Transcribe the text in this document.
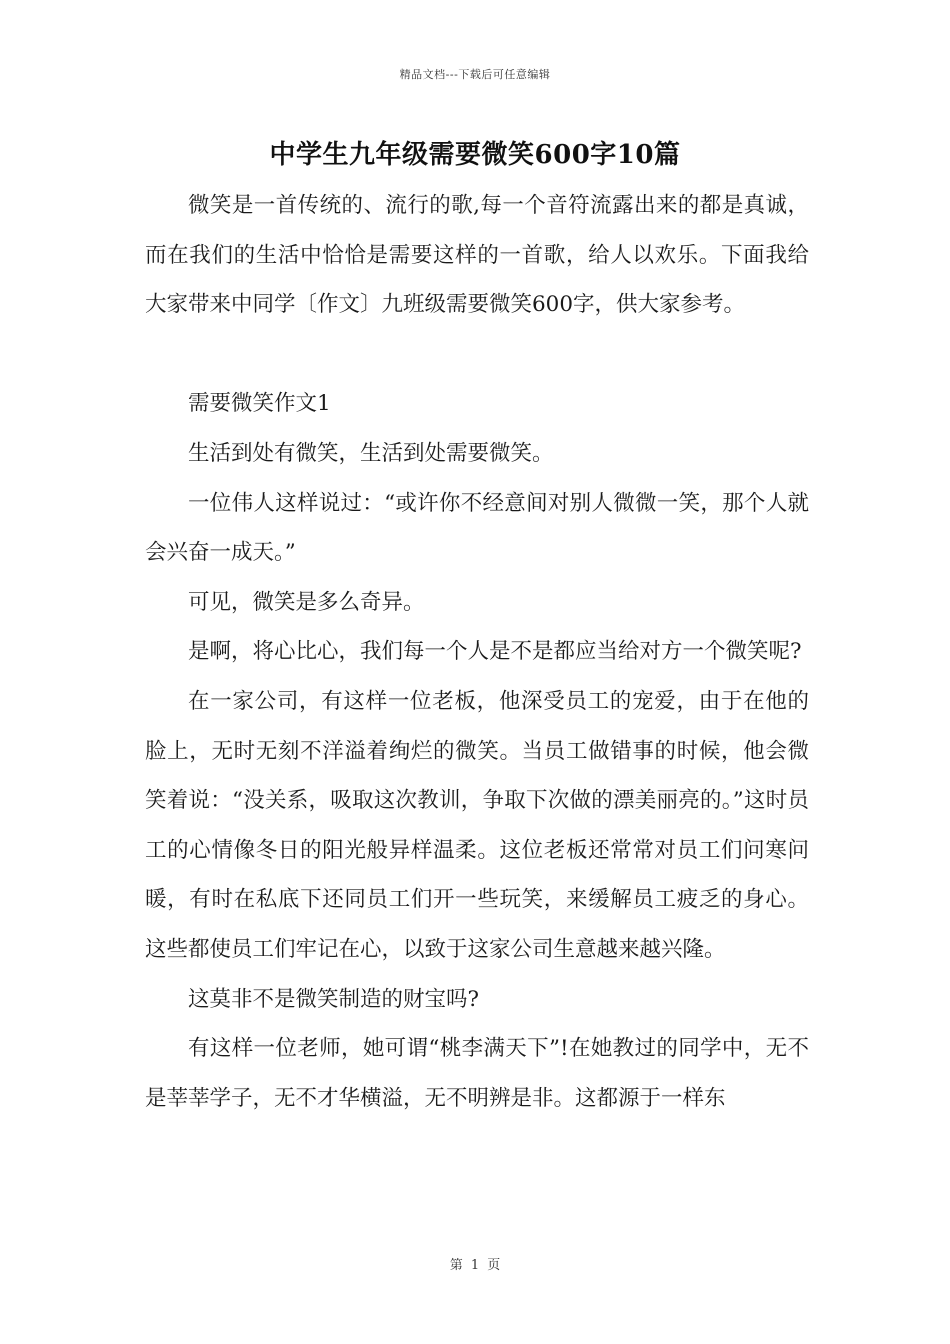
精品文档---下载后可任意编辑
中学生九年级需要微笑600字10篇

微笑是一首传统的、流行的歌,每一个音符流露出来的都是真诚，而在我们的生活中恰恰是需要这样的一首歌，给人以欢乐。下面我给大家带来中同学〔作文〕九班级需要微笑600字，供大家参考。

需要微笑作文1

生活到处有微笑，生活到处需要微笑。

一位伟人这样说过：“或许你不经意间对别人微微一笑，那个人就会兴奋一成天。”

可见，微笑是多么奇异。

是啊，将心比心，我们每一个人是不是都应当给对方一个微笑呢?

在一家公司，有这样一位老板，他深受员工的宠爱，由于在他的脸上，无时无刻不洋溢着绚烂的微笑。当员工做错事的时候，他会微笑着说：“没关系，吸取这次教训，争取下次做的漂美丽亮的。”这时员工的心情像冬日的阳光般异样温柔。这位老板还常常对员工们问寒问暖，有时在私底下还同员工们开一些玩笑，来缓解员工疲乏的身心。这些都使员工们牢记在心，以致于这家公司生意越来越兴隆。

这莫非不是微笑制造的财宝吗?

有这样一位老师，她可谓“桃李满天下”!在她教过的同学中，无不是莘莘学子，无不才华横溢，无不明辨是非。这都源于一样东

第 1 页
